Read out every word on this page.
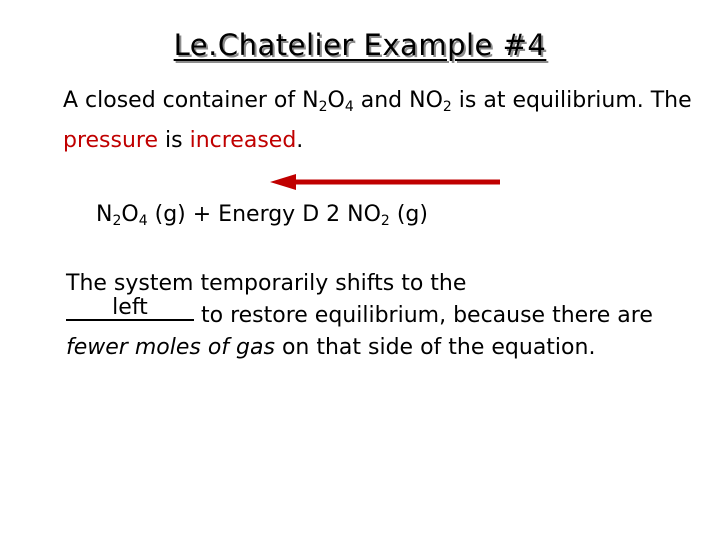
Le.Chatelier Example #4
A closed container of $N_2O_4$ and $NO_2$ is at equilibrium. The pressure is increased.
$N_2O_4$ (g) + Energy D 2 $NO_2$ (g)
The system temporarily shifts to the
left to restore equilibrium, because there are fewer moles of gas on that side of the equation.
